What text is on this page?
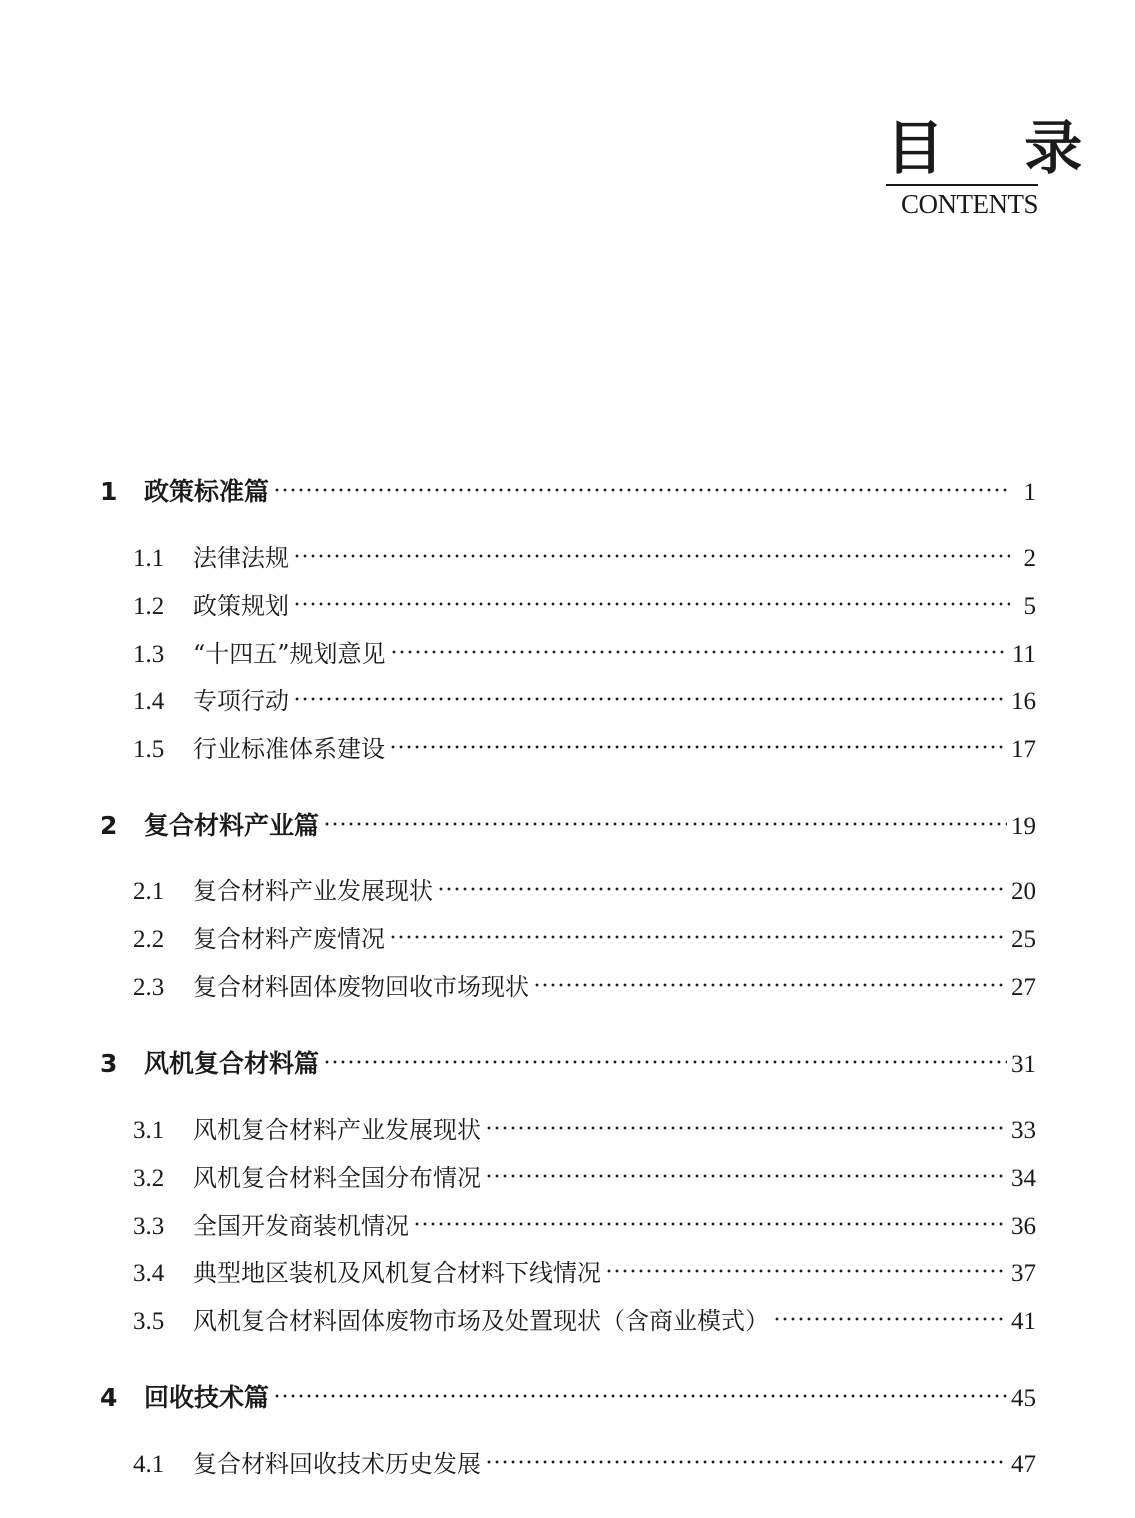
目 录
CONTENTS
1	政策标准篇	1
1.1	法律法规	2
1.2	政策规划	5
1.3	“十四五”规划意见	11
1.4	专项行动	16
1.5	行业标准体系建设	17
2	复合材料产业篇	19
2.1	复合材料产业发展现状	20
2.2	复合材料产废情况	25
2.3	复合材料固体废物回收市场现状	27
3	风机复合材料篇	31
3.1	风机复合材料产业发展现状	33
3.2	风机复合材料全国分布情况	34
3.3	全国开发商装机情况	36
3.4	典型地区装机及风机复合材料下线情况	37
3.5	风机复合材料固体废物市场及处置现状（含商业模式）	41
4	回收技术篇	45
4.1	复合材料回收技术历史发展	47
